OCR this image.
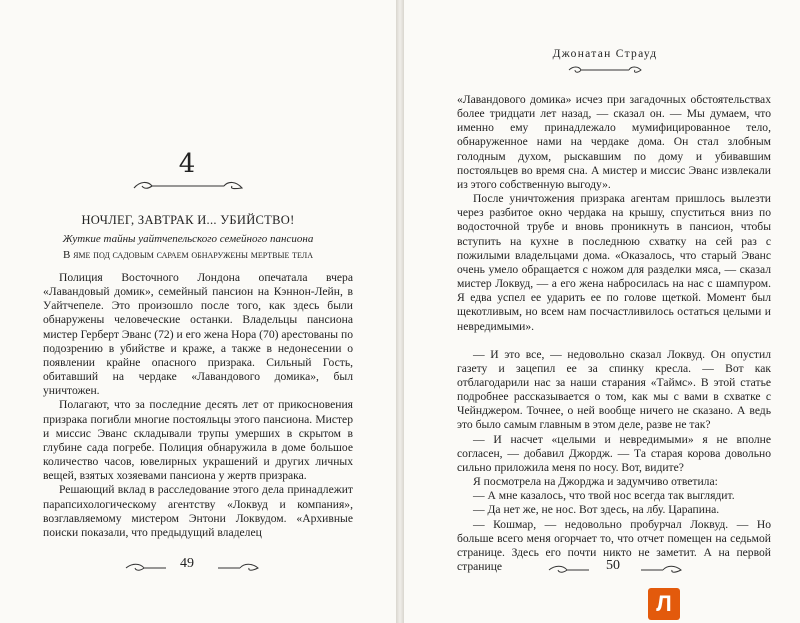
4
НОЧЛЕГ, ЗАВТРАК И... УБИЙСТВО!
Жуткие тайны уайтчепельского семейного пансиона
В яме под садовым сараем обнаружены мертвые тела

Полиция Восточного Лондона опечатала вчера «Лавандовый домик», семейный пансион на Кэннон-Лейн, в Уайтчепеле. Это произошло после того, как здесь были обнаружены человеческие останки. Владельцы пансиона мистер Герберт Эванс (72) и его жена Нора (70) арестованы по подозрению в убийстве и краже, а также в недонесении о появлении крайне опасного призрака. Сильный Гость, обитавший на чердаке «Лавандового домика», был уничтожен.

Полагают, что за последние десять лет от прикосновения призрака погибли многие постояльцы этого пансиона. Мистер и миссис Эванс складывали трупы умерших в скрытом в глубине сада погребе. Полиция обнаружила в доме большое количество часов, ювелирных украшений и других личных вещей, взятых хозяевами пансиона у жертв призрака.

Решающий вклад в расследование этого дела принадлежит парапсихологическому агентству «Локвуд и компания», возглавляемому мистером Энтони Локвудом. «Архивные поиски показали, что предыдущий владелец

49
Джонатан Страуд

«Лавандового домика» исчез при загадочных обстоятельствах более тридцати лет назад, — сказал он. — Мы думаем, что именно ему принадлежало мумифицированное тело, обнаруженное нами на чердаке дома. Он стал злобным голодным духом, рыскавшим по дому и убивавшим постояльцев во время сна. А мистер и миссис Эванс извлекали из этого собственную выгоду».

После уничтожения призрака агентам пришлось вылезти через разбитое окно чердака на крышу, спуститься вниз по водосточной трубе и вновь проникнуть в пансион, чтобы вступить на кухне в последнюю схватку на сей раз с пожилыми владельцами дома. «Оказалось, что старый Эванс очень умело обращается с ножом для разделки мяса, — сказал мистер Локвуд, — а его жена набросилась на нас с шампуром. Я едва успел ее ударить ее по голове щеткой. Момент был щекотливым, но всем нам посчастливилось остаться целыми и невредимыми».

— И это все, — недовольно сказал Локвуд. Он опустил газету и зацепил ее за спинку кресла. — Вот как отблагодарили нас за наши старания «Таймс». В этой статье подробнее рассказывается о том, как мы с вами в схватке с Чейнджером. Точнее, о ней вообще ничего не сказано. А ведь это было самым главным в этом деле, разве не так?

— И насчет «целыми и невредимыми» я не вполне согласен, — добавил Джордж. — Та старая корова довольно сильно приложила меня по носу. Вот, видите?

Я посмотрела на Джорджа и задумчиво ответила:

— А мне казалось, что твой нос всегда так выглядит.

— Да нет же, не нос. Вот здесь, на лбу. Царапина.

— Кошмар, — недовольно пробурчал Локвуд. — Но больше всего меня огорчает то, что отчет помещен на седьмой странице. Здесь его почти никто не заметит. А на первой странице	50
Л
